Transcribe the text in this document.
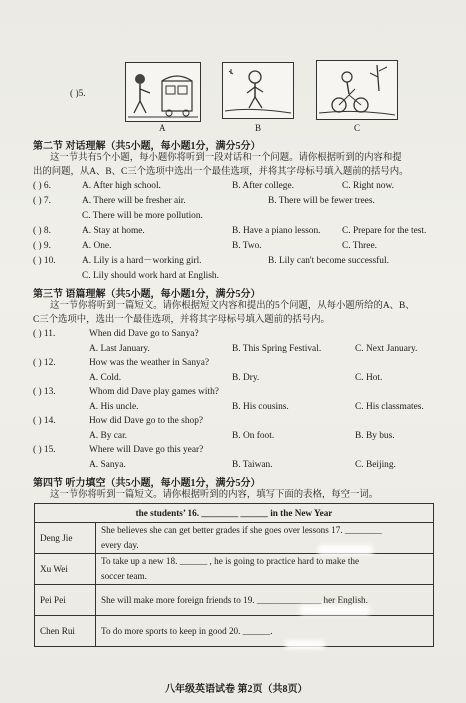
( )5.
A	B	C

第二节 对话理解（共5小题，每小题1分，满分5分）
这一节共有5个小题，每小题你将听到一段对话和一个问题。请你根据听到的内容和提
出的问题，从A、B、C三个选项中选出一个最佳选项，并将其字母标号填入题前的括号内。
( ) 6.	A. After high school.	B. After college.	C. Right now.
( ) 7.	A. There will be fresher air.	B. There will be fewer trees.
C. There will be more pollution.
( ) 8.	A. Stay at home.	B. Have a piano lesson. C. Prepare for the test.
( ) 9.	A. One.	B. Two.	C. Three.
( ) 10.	A. Lily is a hard－working girl.	B. Lily can't become successful.
C. Lily should work hard at English.
第三节 语篇理解（共5小题，每小题1分，满分5分）
这一节你将听到一篇短文。请你根据短文内容和提出的5个问题，从每小题所给的A、B、
C三个选项中，选出一个最佳选项，并将其字母标号填入题前的括号内。
( ) 11.	When did Dave go to Sanya?
A. Last January.	B. This Spring Festival.	C. Next January.
( ) 12.	How was the weather in Sanya?
A. Cold.	B. Dry.	C. Hot.
( ) 13.	Whom did Dave play games with?
A. His uncle.	B. His cousins.	C. His classmates.
( ) 14.	How did Dave go to the shop?
A. By car.	B. On foot.	B. By bus.
( ) 15.	Where will Dave go this year?
A. Sanya.	B. Taiwan.	C. Beijing.
第四节 听力填空（共5小题，每小题1分，满分5分）
这一节你将听到一篇短文。请你根据听到的内容，填写下面的表格，每空一词。
the students’ 16. ________ ______ in the New Year	
Deng Jie	She believes she can get better grades if she goes over lessons 17. ________
every day.

Xu Wei	To take up a new 18. ______ , he is going to practice hard to make the
soccer team.

Pei Pei	She will make more foreign friends to 19. ______________ her English.

Chen Rui	To do more sports to keep in good 20. ______.
八年级英语试卷 第2页（共8页）
